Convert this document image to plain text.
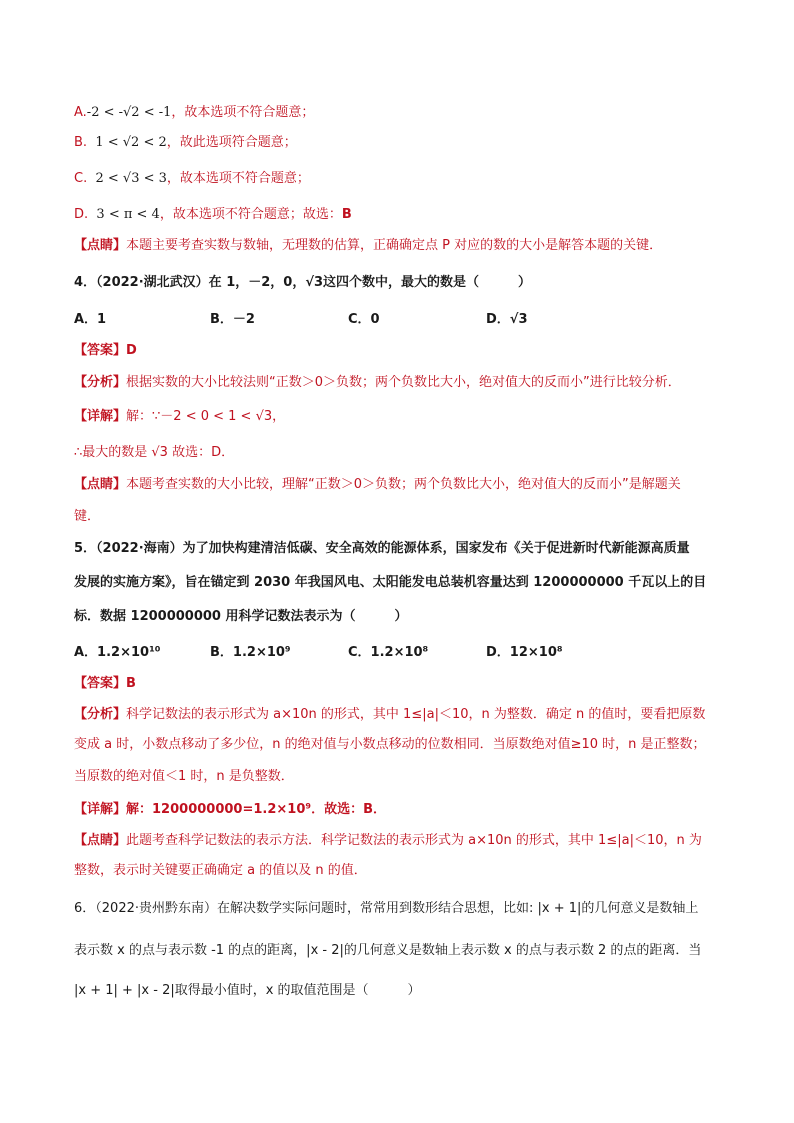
A.-2 < -√2 < -1，故本选项不符合题意；
B. 1 < √2 < 2，故此选项符合题意；
C. 2 < √3 < 3，故本选项不符合题意；
D. 3 < π < 4，故本选项不符合题意；故选：B
【点睛】本题主要考查实数与数轴，无理数的估算，正确确定点 P 对应的数的大小是解答本题的关键．
4．（2022·湖北武汉）在 1，－2，0，√3这四个数中，最大的数是（　　　）
A．1	B．－2	C．0	D．√3
【答案】D
【分析】根据实数的大小比较法则“正数＞0＞负数；两个负数比大小，绝对值大的反而小”进行比较分析．
【详解】解：∵－2 < 0 < 1 < √3，
∴最大的数是 √3 故选：D．
【点睛】本题考查实数的大小比较，理解“正数＞0＞负数；两个负数比大小，绝对值大的反而小”是解题关
键．
5．（2022·海南）为了加快构建清洁低碳、安全高效的能源体系，国家发布《关于促进新时代新能源高质量
发展的实施方案》，旨在锚定到 2030 年我国风电、太阳能发电总装机容量达到 1200000000 千瓦以上的目
标．数据 1200000000 用科学记数法表示为（　　　）
A．1.2×10¹⁰	B．1.2×10⁹	C．1.2×10⁸	D．12×10⁸
【答案】B
【分析】科学记数法的表示形式为 a×10n 的形式，其中 1≤|a|＜10，n 为整数．确定 n 的值时，要看把原数
变成 a 时，小数点移动了多少位，n 的绝对值与小数点移动的位数相同．当原数绝对值≥10 时，n 是正整数；
当原数的绝对值＜1 时，n 是负整数．
【详解】解：1200000000=1.2×10⁹．故选：B．
【点睛】此题考查科学记数法的表示方法．科学记数法的表示形式为 a×10n 的形式，其中 1≤|a|＜10，n 为
整数，表示时关键要正确确定 a 的值以及 n 的值．
6．（2022·贵州黔东南）在解决数学实际问题时，常常用到数形结合思想，比如: |x + 1|的几何意义是数轴上
表示数 x 的点与表示数 -1 的点的距离，|x - 2|的几何意义是数轴上表示数 x 的点与表示数 2 的点的距离．当
|x + 1| + |x - 2|取得最小值时，x 的取值范围是（　　　）
